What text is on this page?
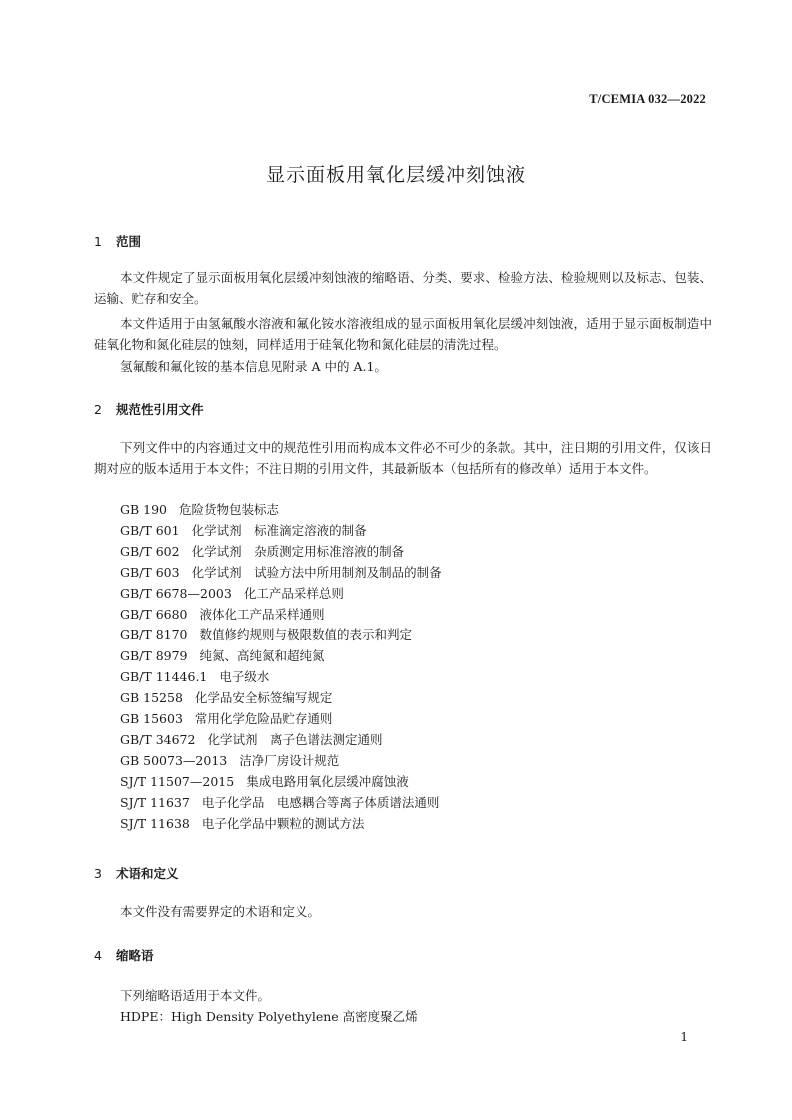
T/CEMIA 032—2022
显示面板用氧化层缓冲刻蚀液
1 范围
本文件规定了显示面板用氧化层缓冲刻蚀液的缩略语、分类、要求、检验方法、检验规则以及标志、包装、运输、贮存和安全。
本文件适用于由氢氟酸水溶液和氟化铵水溶液组成的显示面板用氧化层缓冲刻蚀液，适用于显示面板制造中硅氧化物和氮化硅层的蚀刻，同样适用于硅氧化物和氮化硅层的清洗过程。
氢氟酸和氟化铵的基本信息见附录 A 中的 A.1。
2 规范性引用文件
下列文件中的内容通过文中的规范性引用而构成本文件必不可少的条款。其中，注日期的引用文件，仅该日期对应的版本适用于本文件；不注日期的引用文件，其最新版本（包括所有的修改单）适用于本文件。
GB 190 危险货物包装标志
GB/T 601 化学试剂　标准滴定溶液的制备
GB/T 602 化学试剂　杂质测定用标准溶液的制备
GB/T 603 化学试剂　试验方法中所用制剂及制品的制备
GB/T 6678—2003 化工产品采样总则
GB/T 6680 液体化工产品采样通则
GB/T 8170 数值修约规则与极限数值的表示和判定
GB/T 8979 纯氮、高纯氮和超纯氮
GB/T 11446.1 电子级水
GB 15258 化学品安全标签编写规定
GB 15603 常用化学危险品贮存通则
GB/T 34672 化学试剂　离子色谱法测定通则
GB 50073—2013 洁净厂房设计规范
SJ/T 11507—2015 集成电路用氧化层缓冲腐蚀液
SJ/T 11637 电子化学品　电感耦合等离子体质谱法通则
SJ/T 11638 电子化学品中颗粒的测试方法
3 术语和定义
本文件没有需要界定的术语和定义。
4 缩略语
下列缩略语适用于本文件。
HDPE：High Density Polyethylene 高密度聚乙烯
1
